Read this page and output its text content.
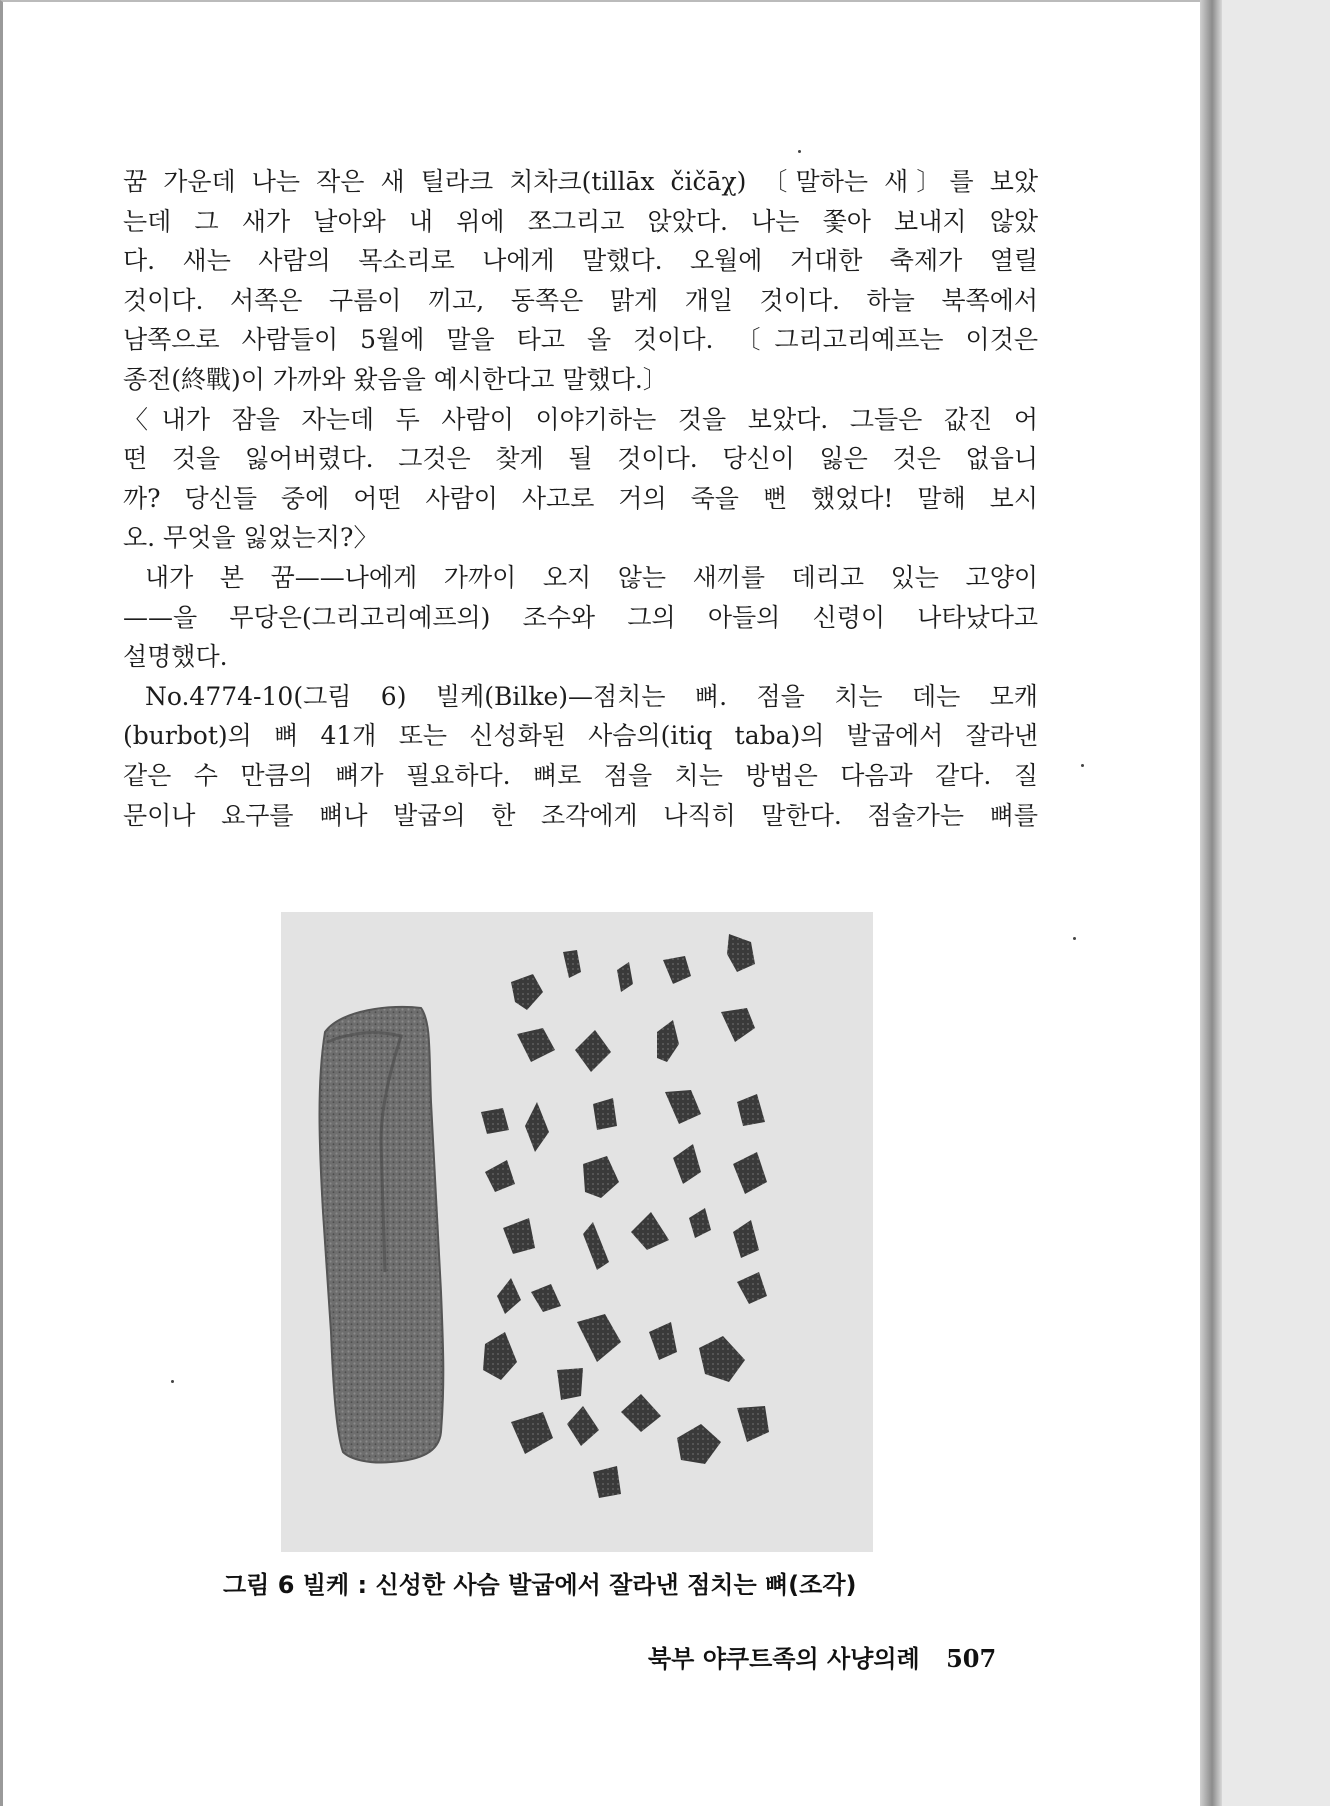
꿈 가운데 나는 작은 새 틸라크 치차크(tillāx čičāχ) 〔말하는 새〕를 보았

는데 그 새가 날아와 내 위에 쪼그리고 앉았다. 나는 쫓아 보내지 않았

다. 새는 사람의 목소리로 나에게 말했다. 오월에 거대한 축제가 열릴

것이다. 서쪽은 구름이 끼고, 동쪽은 맑게 개일 것이다. 하늘 북쪽에서

남쪽으로 사람들이 5월에 말을 타고 올 것이다. 〔그리고리예프는 이것은

종전(終戰)이 가까와 왔음을 예시한다고 말했다.〕

〈내가 잠을 자는데 두 사람이 이야기하는 것을 보았다. 그들은 값진 어

떤 것을 잃어버렸다. 그것은 찾게 될 것이다. 당신이 잃은 것은 없읍니

까? 당신들 중에 어떤 사람이 사고로 거의 죽을 뻔 했었다! 말해 보시

오. 무엇을 잃었는지?〉

내가 본 꿈——나에게 가까이 오지 않는 새끼를 데리고 있는 고양이

——을 무당은(그리고리예프의) 조수와 그의 아들의 신령이 나타났다고

설명했다.

No.4774-10(그림 6) 빌케(Bilke)—점치는 뼈. 점을 치는 데는 모캐

(burbot)의 뼈 41개 또는 신성화된 사슴의(itiq taba)의 발굽에서 잘라낸

같은 수 만큼의 뼈가 필요하다. 뼈로 점을 치는 방법은 다음과 같다. 질

문이나 요구를 뼈나 발굽의 한 조각에게 나직히 말한다. 점술가는 뼈를

그림 6 빌케 : 신성한 사슴 발굽에서 잘라낸 점치는 뼈(조각)
북부 야쿠트족의 사냥의례 507
